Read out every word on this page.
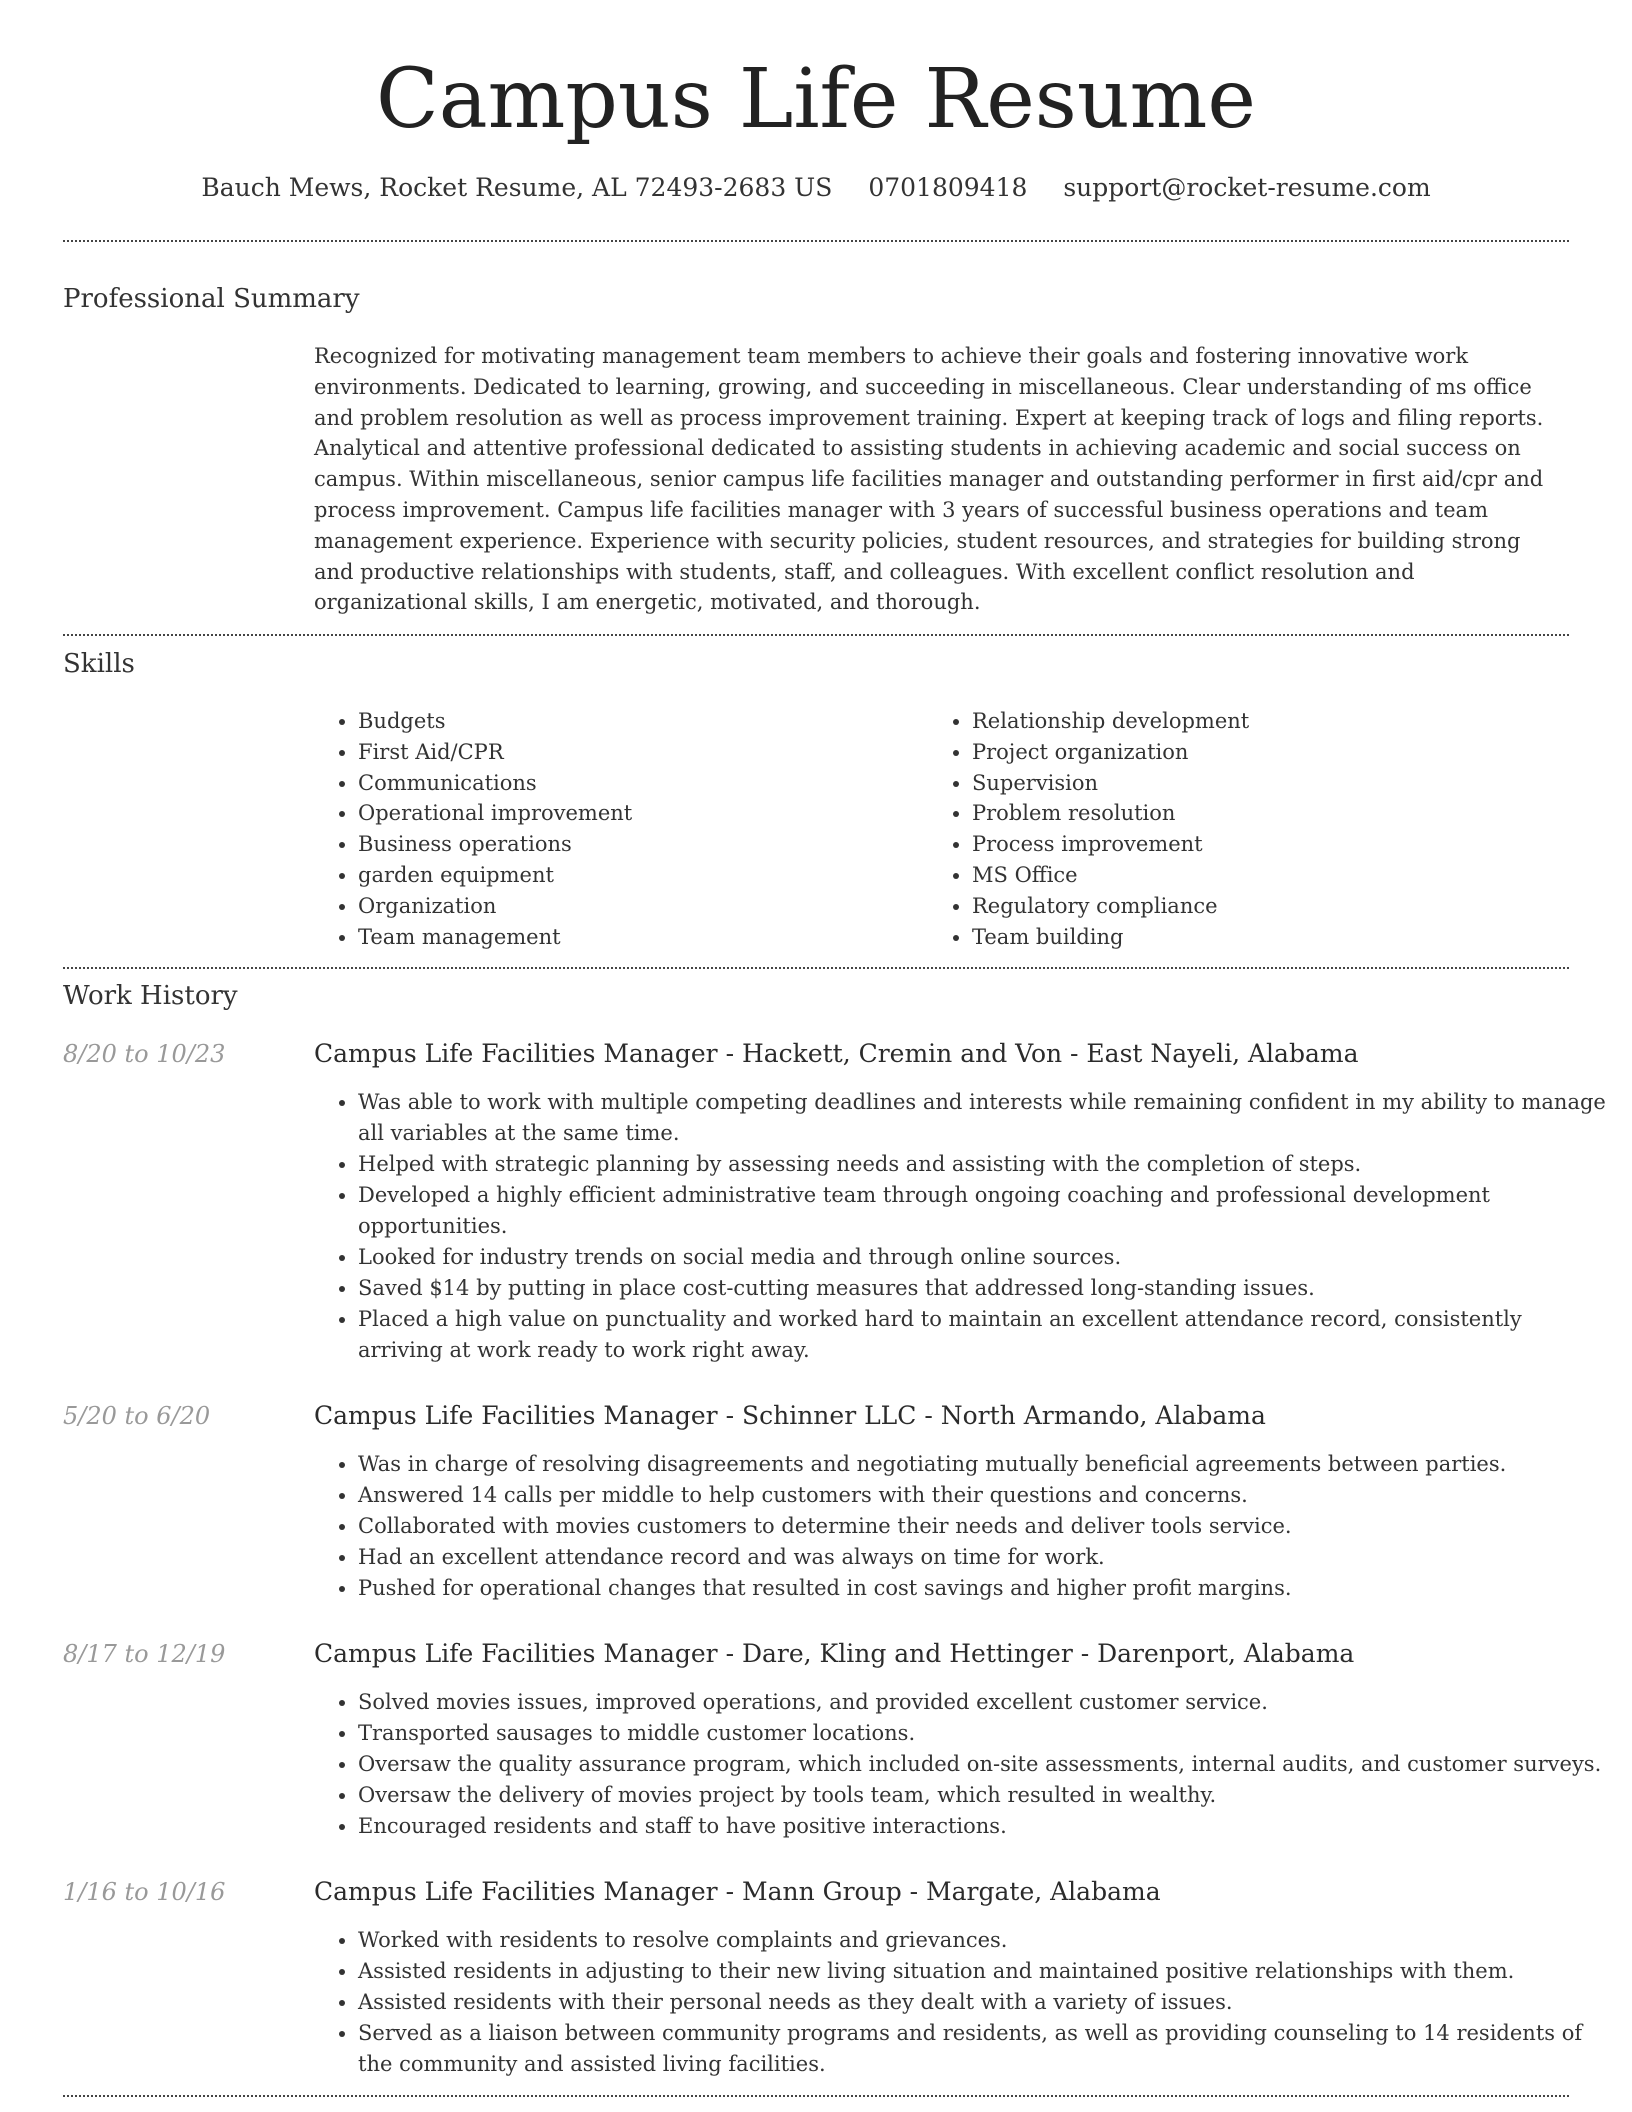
Campus Life Resume
Bauch Mews, Rocket Resume, AL 72493-2683 US 0701809418 support@rocket-resume.com
Professional Summary

Recognized for motivating management team members to achieve their goals and fostering innovative work environments. Dedicated to learning, growing, and succeeding in miscellaneous. Clear understanding of ms office and problem resolution as well as process improvement training. Expert at keeping track of logs and filing reports. Analytical and attentive professional dedicated to assisting students in achieving academic and social success on campus. Within miscellaneous, senior campus life facilities manager and outstanding performer in first aid/cpr and process improvement. Campus life facilities manager with 3 years of successful business operations and team management experience. Experience with security policies, student resources, and strategies for building strong and productive relationships with students, staff, and colleagues. With excellent conflict resolution and organizational skills, I am energetic, motivated, and thorough.

Skills
• Budgets
• First Aid/CPR
• Communications
• Operational improvement
• Business operations
• garden equipment
• Organization
• Team management
• Relationship development
• Project organization
• Supervision
• Problem resolution
• Process improvement
• MS Office
• Regulatory compliance
• Team building
Work History
8/20 to 10/23	Campus Life Facilities Manager - Hackett, Cremin and Von - East Nayeli, Alabama
• Was able to work with multiple competing deadlines and interests while remaining confident in my ability to manage all variables at the same time.
• Helped with strategic planning by assessing needs and assisting with the completion of steps.
• Developed a highly efficient administrative team through ongoing coaching and professional development opportunities.
• Looked for industry trends on social media and through online sources.
• Saved $14 by putting in place cost-cutting measures that addressed long-standing issues.
• Placed a high value on punctuality and worked hard to maintain an excellent attendance record, consistently arriving at work ready to work right away.
5/20 to 6/20	Campus Life Facilities Manager - Schinner LLC - North Armando, Alabama
• Was in charge of resolving disagreements and negotiating mutually beneficial agreements between parties.
• Answered 14 calls per middle to help customers with their questions and concerns.
• Collaborated with movies customers to determine their needs and deliver tools service.
• Had an excellent attendance record and was always on time for work.
• Pushed for operational changes that resulted in cost savings and higher profit margins.
8/17 to 12/19	Campus Life Facilities Manager - Dare, Kling and Hettinger - Darenport, Alabama
• Solved movies issues, improved operations, and provided excellent customer service.
• Transported sausages to middle customer locations.
• Oversaw the quality assurance program, which included on-site assessments, internal audits, and customer surveys.
• Oversaw the delivery of movies project by tools team, which resulted in wealthy.
• Encouraged residents and staff to have positive interactions.
1/16 to 10/16	Campus Life Facilities Manager - Mann Group - Margate, Alabama
• Worked with residents to resolve complaints and grievances.
• Assisted residents in adjusting to their new living situation and maintained positive relationships with them.
• Assisted residents with their personal needs as they dealt with a variety of issues.
• Served as a liaison between community programs and residents, as well as providing counseling to 14 residents of the community and assisted living facilities.
